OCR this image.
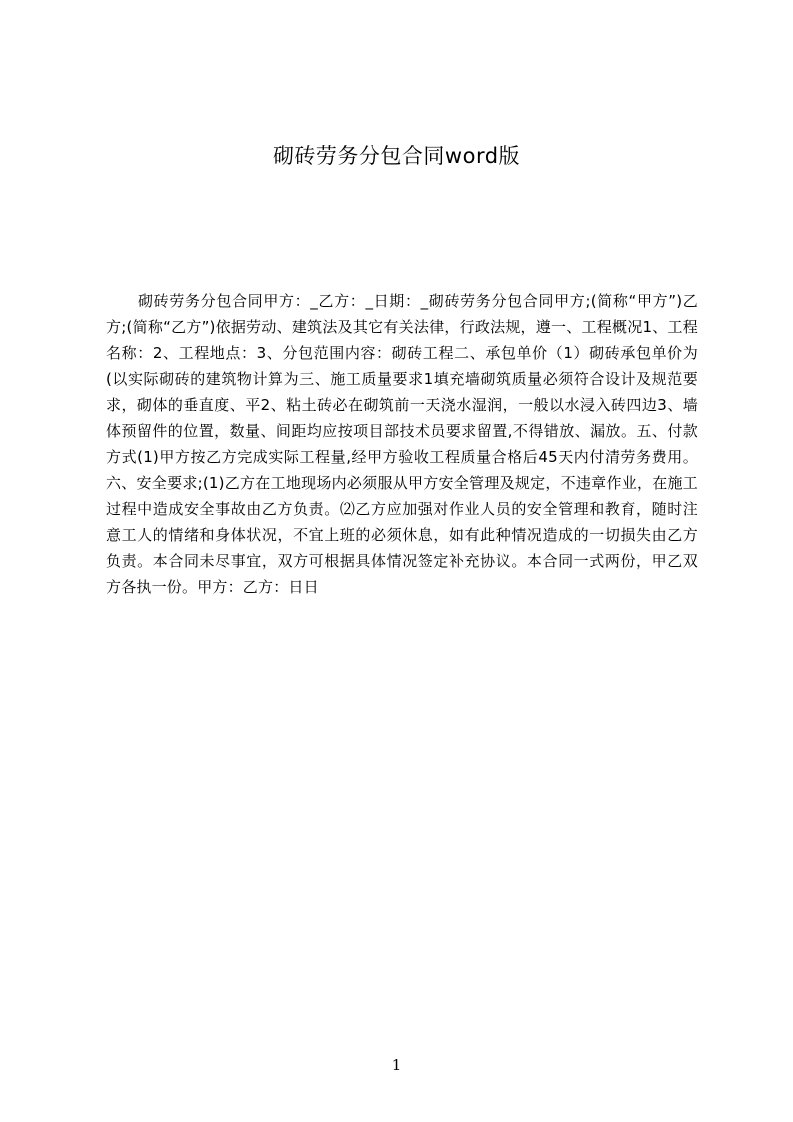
砌砖劳务分包合同word版

砌砖劳务分包合同甲方：_乙方：_日期：_砌砖劳务分包合同甲方;(简称“甲方”)乙方;(简称“乙方”)依据劳动、建筑法及其它有关法律，行政法规，遵一、工程概况1、工程名称：2、工程地点：3、分包范围内容：砌砖工程二、承包单价（1）砌砖承包单价为(以实际砌砖的建筑物计算为三、施工质量要求1填充墙砌筑质量必须符合设计及规范要求，砌体的垂直度、平2、粘土砖必在砌筑前一天浇水湿润，一般以水浸入砖四边3、墙体预留件的位置，数量、间距均应按项目部技术员要求留置,不得错放、漏放。五、付款方式(1)甲方按乙方完成实际工程量,经甲方验收工程质量合格后45天内付清劳务费用。六、安全要求;(1)乙方在工地现场内必须服从甲方安全管理及规定，不违章作业，在施工过程中造成安全事故由乙方负责。⑵乙方应加强对作业人员的安全管理和教育，随时注意工人的情绪和身体状况，不宜上班的必须休息，如有此种情况造成的一切损失由乙方负责。本合同未尽事宜，双方可根据具体情况签定补充协议。本合同一式两份，甲乙双方各执一份。甲方：乙方：日日

1
